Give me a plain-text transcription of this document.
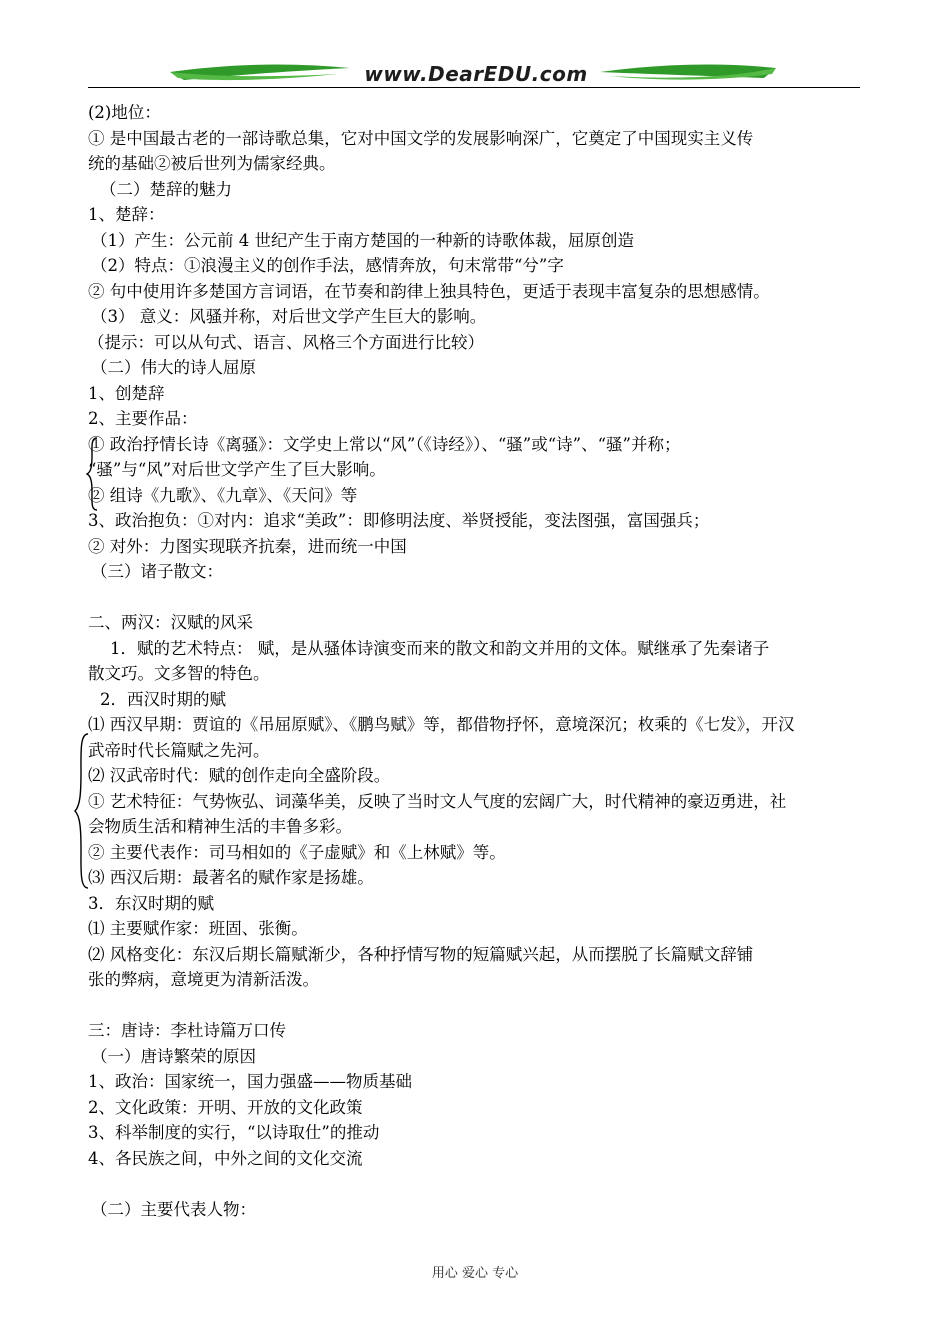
www.DearEDU.com
(2)地位：
① 是中国最古老的一部诗歌总集，它对中国文学的发展影响深广，它奠定了中国现实主义传
统的基础②被后世列为儒家经典。
（二）楚辞的魅力
1、楚辞：
（1）产生：公元前 4 世纪产生于南方楚国的一种新的诗歌体裁，屈原创造
（2）特点：①浪漫主义的创作手法，感情奔放，句末常带“兮”字
② 句中使用许多楚国方言词语，在节奏和韵律上独具特色，更适于表现丰富复杂的思想感情。
（3） 意义：风骚并称，对后世文学产生巨大的影响。
（提示：可以从句式、语言、风格三个方面进行比较）
（二）伟大的诗人屈原
1、创楚辞
2、主要作品：
① 政治抒情长诗《离骚》：文学史上常以“风”（《诗经》）、“骚”或“诗”、“骚”并称；
“骚”与“风”对后世文学产生了巨大影响。
② 组诗《九歌》、《九章》、《天问》等
3、政治抱负：①对内：追求“美政”：即修明法度、举贤授能，变法图强，富国强兵；
② 对外：力图实现联齐抗秦，进而统一中国
（三）诸子散文：
二、两汉：汉赋的风采
1．赋的艺术特点： 赋，是从骚体诗演变而来的散文和韵文并用的文体。赋继承了先秦诸子
散文巧。文多智的特色。
2．西汉时期的赋
⑴ 西汉早期：贾谊的《吊屈原赋》、《鹏鸟赋》等，都借物抒怀，意境深沉；枚乘的《七发》，开汉
武帝时代长篇赋之先河。
⑵ 汉武帝时代：赋的创作走向全盛阶段。
① 艺术特征：气势恢弘、词藻华美，反映了当时文人气度的宏阔广大，时代精神的豪迈勇进，社
会物质生活和精神生活的丰鲁多彩。
② 主要代表作：司马相如的《子虚赋》和《上林赋》等。
⑶ 西汉后期：最著名的赋作家是扬雄。
3．东汉时期的赋
⑴ 主要赋作家：班固、张衡。
⑵ 风格变化：东汉后期长篇赋渐少，各种抒情写物的短篇赋兴起，从而摆脱了长篇赋文辞铺
张的弊病，意境更为清新活泼。
三：唐诗：李杜诗篇万口传
（一）唐诗繁荣的原因
1、政治：国家统一，国力强盛——物质基础
2、文化政策：开明、开放的文化政策
3、科举制度的实行，“以诗取仕”的推动
4、各民族之间，中外之间的文化交流
（二）主要代表人物：
用心 爱心 专心
